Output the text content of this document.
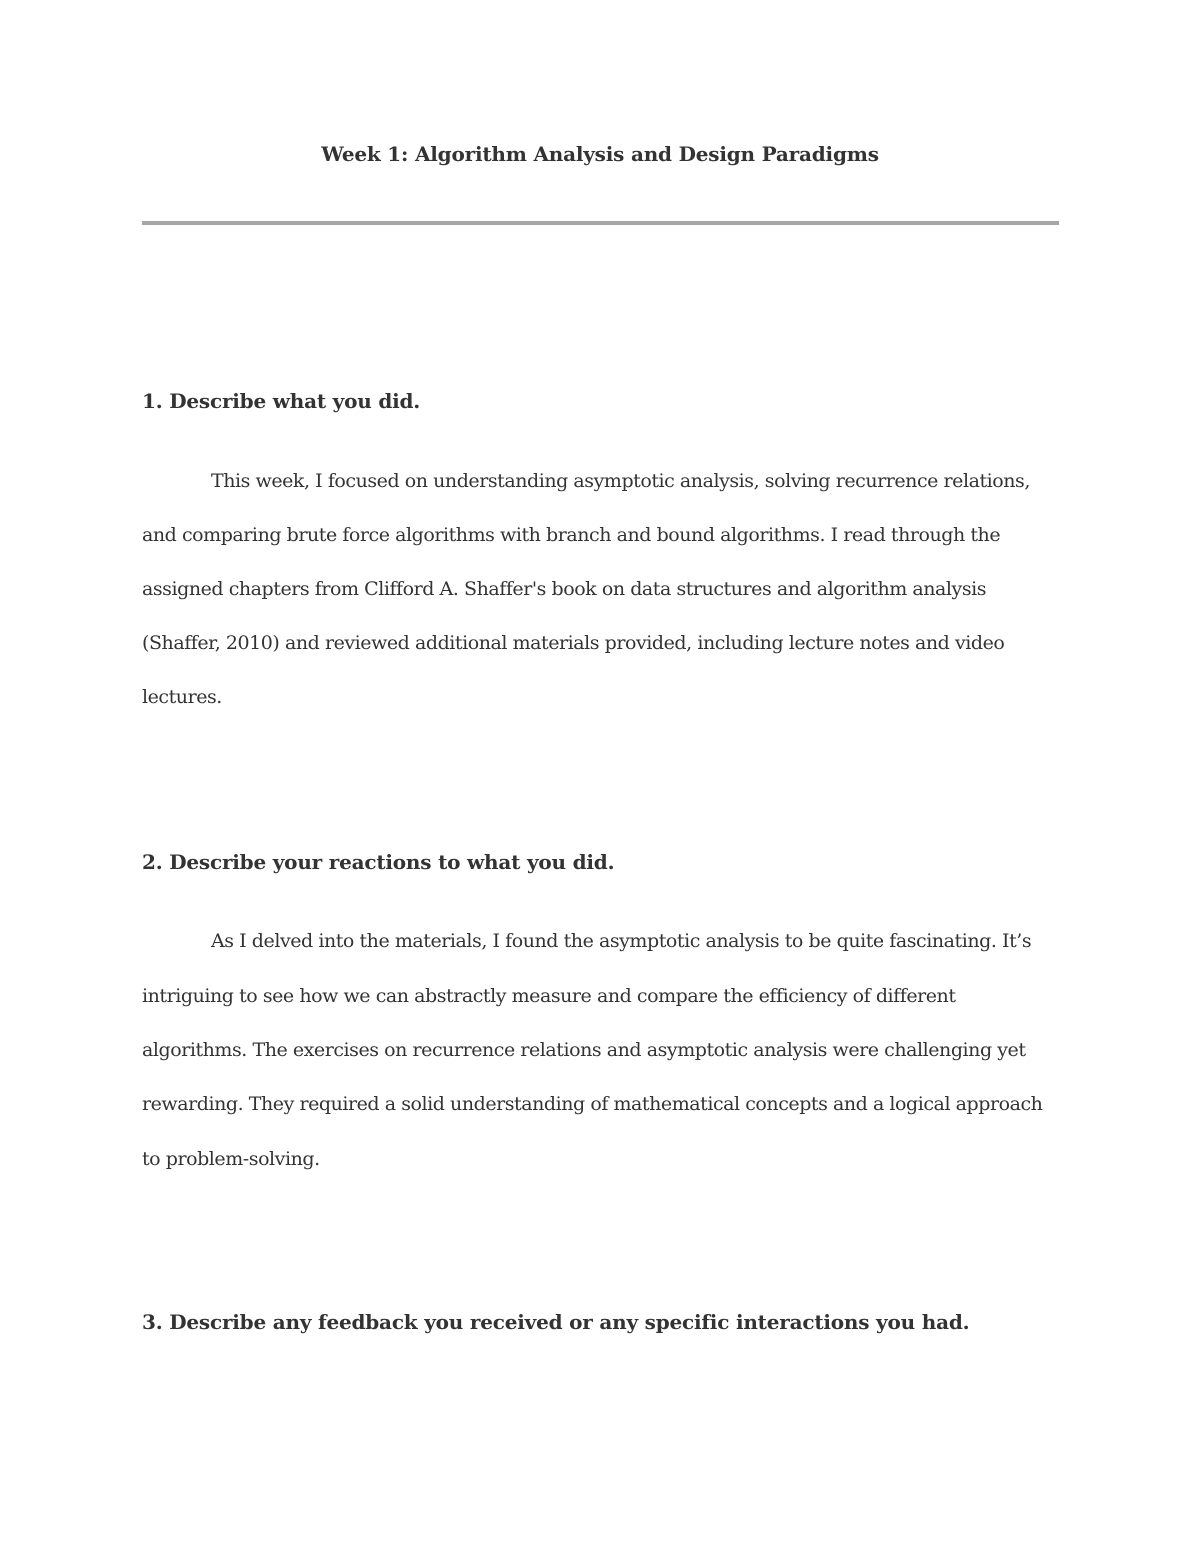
Week 1: Algorithm Analysis and Design Paradigms
1. Describe what you did.

This week, I focused on understanding asymptotic analysis, solving recurrence relations,

and comparing brute force algorithms with branch and bound algorithms. I read through the

assigned chapters from Clifford A. Shaffer's book on data structures and algorithm analysis

(Shaffer, 2010) and reviewed additional materials provided, including lecture notes and video

lectures.

2. Describe your reactions to what you did.

As I delved into the materials, I found the asymptotic analysis to be quite fascinating. It’s

intriguing to see how we can abstractly measure and compare the efficiency of different

algorithms. The exercises on recurrence relations and asymptotic analysis were challenging yet

rewarding. They required a solid understanding of mathematical concepts and a logical approach

to problem-solving.

3. Describe any feedback you received or any specific interactions you had.
